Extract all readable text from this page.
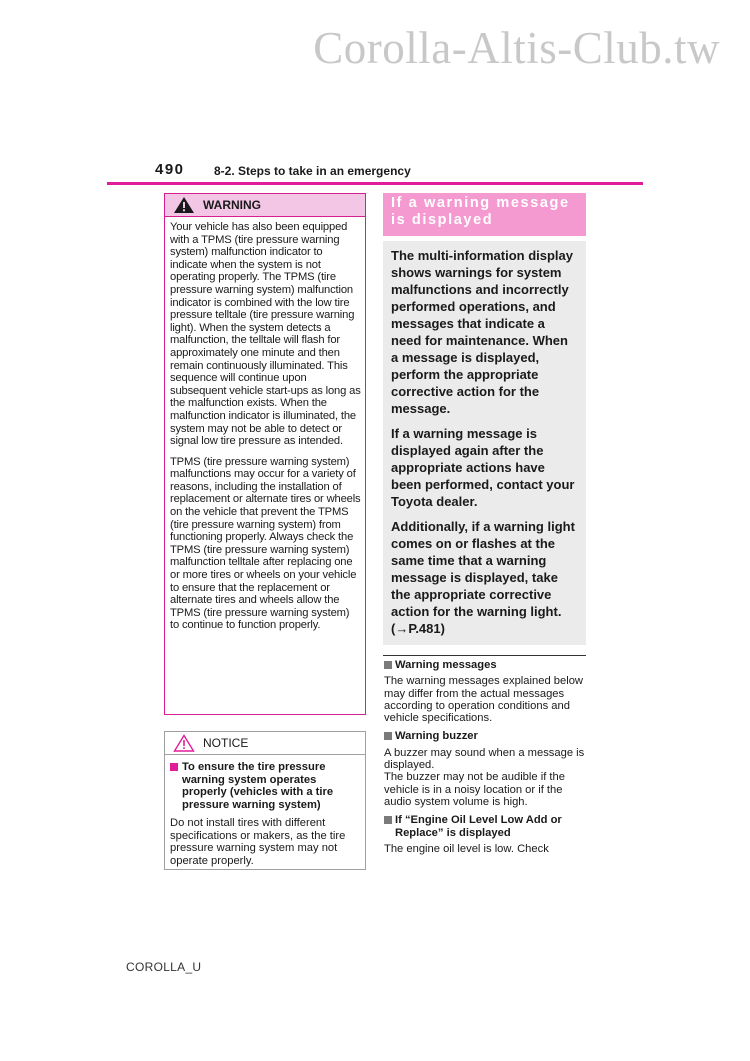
Corolla-Altis-Club.tw
490 8-2. Steps to take in an emergency
WARNING

Your vehicle has also been equipped with a TPMS (tire pressure warning system) malfunction indicator to indicate when the system is not operating properly. The TPMS (tire pressure warning system) malfunction indicator is combined with the low tire pressure telltale (tire pressure warning light). When the system detects a malfunction, the telltale will flash for approximately one minute and then remain continuously illuminated. This sequence will continue upon subsequent vehicle start-ups as long as the malfunction exists. When the malfunction indicator is illuminated, the system may not be able to detect or signal low tire pressure as intended.

TPMS (tire pressure warning system) malfunctions may occur for a variety of reasons, including the installation of replacement or alternate tires or wheels on the vehicle that prevent the TPMS (tire pressure warning system) from functioning properly. Always check the TPMS (tire pressure warning system) malfunction telltale after replacing one or more tires or wheels on your vehicle to ensure that the replacement or alternate tires and wheels allow the TPMS (tire pressure warning system) to continue to function properly.

NOTICE
To ensure the tire pressure warning system operates properly (vehicles with a tire pressure warning system)

Do not install tires with different specifications or makers, as the tire pressure warning system may not operate properly.

If a warning message
is displayed

The multi-information display shows warnings for system malfunctions and incorrectly performed operations, and messages that indicate a need for maintenance. When a message is displayed, perform the appropriate corrective action for the message.

If a warning message is displayed again after the appropriate actions have been performed, contact your Toyota dealer.

Additionally, if a warning light comes on or flashes at the same time that a warning message is displayed, take the appropriate corrective action for the warning light. (→P.481)

Warning messages

The warning messages explained below may differ from the actual messages according to operation conditions and vehicle specifications.

Warning buzzer

A buzzer may sound when a message is displayed.

The buzzer may not be audible if the vehicle is in a noisy location or if the audio system volume is high.

If “Engine Oil Level Low Add or Replace” is displayed

The engine oil level is low. Check

COROLLA_U
